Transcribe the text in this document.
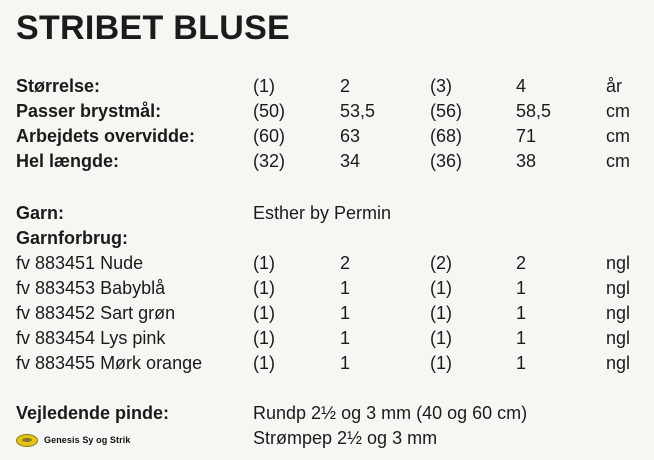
STRIBET BLUSE
Størrelse:	(1)	2	(3)	4	år
Passer brystmål:	(50)	53,5	(56)	58,5	cm
Arbejdets overvidde:	(60)	63	(68)	71	cm
Hel længde:	(32)	34	(36)	38	cm
Garn:	Esther by Permin
Garnforbrug:
fv 883451 Nude	(1)	2	(2)	2	ngl
fv 883453 Babyblå	(1)	1	(1)	1	ngl
fv 883452 Sart grøn	(1)	1	(1)	1	ngl
fv 883454 Lys pink	(1)	1	(1)	1	ngl
fv 883455 Mørk orange	(1)	1	(1)	1	ngl
Vejledende pinde:	Rundp 2½ og 3 mm (40 og 60 cm)
Strømpep 2½ og 3 mm
Genesis Sy og Strik
